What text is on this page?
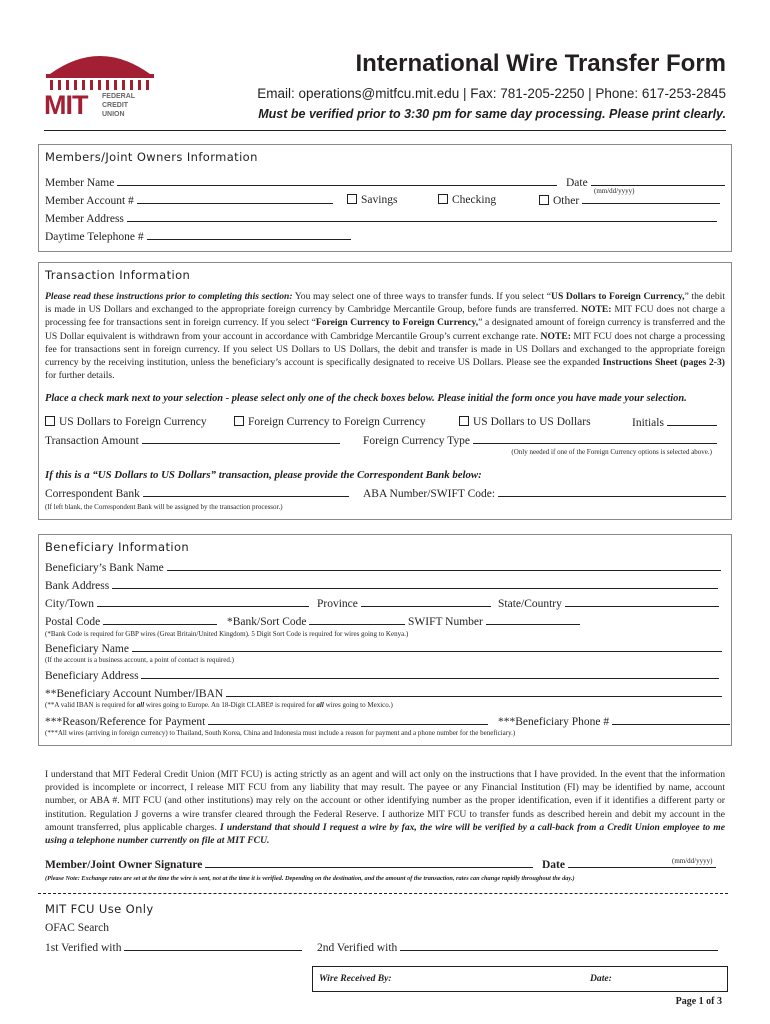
MIT FEDERAL
CREDIT
UNION
International Wire Transfer Form
Email: operations@mitfcu.mit.edu | Fax: 781-205-2250 | Phone: 617-253-2845
Must be verified prior to 3:30 pm for same day processing. Please print clearly.
Members/Joint Owners Information
Member Name	Date
(mm/dd/yyyy)
Member Account #	Savings	Checking	Other
Member Address
Daytime Telephone #
Transaction Information
Please read these instructions prior to completing this section: You may select one of three ways to transfer funds. If you select “US Dollars to Foreign Currency,” the debit is made in US Dollars and exchanged to the appropriate foreign currency by Cambridge Mercantile Group, before funds are transferred. NOTE: MIT FCU does not charge a processing fee for transactions sent in foreign currency. If you select “Foreign Currency to Foreign Currency,” a designated amount of foreign currency is transferred and the US Dollar equivalent is withdrawn from your account in accordance with Cambridge Mercantile Group’s current exchange rate. NOTE: MIT FCU does not charge a processing fee for transactions sent in foreign currency. If you select US Dollars to US Dollars, the debit and transfer is made in US Dollars and exchanged to the appropriate foreign currency by the receiving institution, unless the beneficiary’s account is specifically designated to receive US Dollars. Please see the expanded Instructions Sheet (pages 2-3) for further details.
Place a check mark next to your selection - please select only one of the check boxes below. Please initial the form once you have made your selection.
US Dollars to Foreign Currency	Foreign Currency to Foreign Currency	US Dollars to US Dollars	Initials
Transaction Amount	Foreign Currency Type
(Only needed if one of the Foreign Currency options is selected above.)
If this is a “US Dollars to US Dollars” transaction, please provide the Correspondent Bank below:
Correspondent Bank	ABA Number/SWIFT Code:
(If left blank, the Correspondent Bank will be assigned by the transaction processor.)
Beneficiary Information
Beneficiary’s Bank Name
Bank Address
City/Town	Province	State/Country
Postal Code	*Bank/Sort Code	SWIFT Number
(*Bank Code is required for GBP wires (Great Britain/United Kingdom). 5 Digit Sort Code is required for wires going to Kenya.)
Beneficiary Name
(If the account is a business account, a point of contact is required.)
Beneficiary Address
**Beneficiary Account Number/IBAN
(**A valid IBAN is required for all wires going to Europe. An 18-Digit CLABE# is required for all wires going to Mexico.)
***Reason/Reference for Payment	***Beneficiary Phone #
(***All wires (arriving in foreign currency) to Thailand, South Korea, China and Indonesia must include a reason for payment and a phone number for the beneficiary.)
I understand that MIT Federal Credit Union (MIT FCU) is acting strictly as an agent and will act only on the instructions that I have provided. In the event that the information provided is incomplete or incorrect, I release MIT FCU from any liability that may result. The payee or any Financial Institution (FI) may be identified by name, account number, or ABA #. MIT FCU (and other institutions) may rely on the account or other identifying number as the proper identification, even if it identifies a different party or institution. Regulation J governs a wire transfer cleared through the Federal Reserve. I authorize MIT FCU to transfer funds as described herein and debit my account in the amount transferred, plus applicable charges. I understand that should I request a wire by fax, the wire will be verified by a call-back from a Credit Union employee to me using a telephone number currently on file at MIT FCU.
Member/Joint Owner Signature	Date	(mm/dd/yyyy)
(Please Note: Exchange rates are set at the time the wire is sent, not at the time it is verified. Depending on the destination, and the amount of the transaction, rates can change rapidly throughout the day.)
MIT FCU Use Only
OFAC Search
1st Verified with	2nd Verified with
Wire Received By:	Date:
Page 1 of 3
